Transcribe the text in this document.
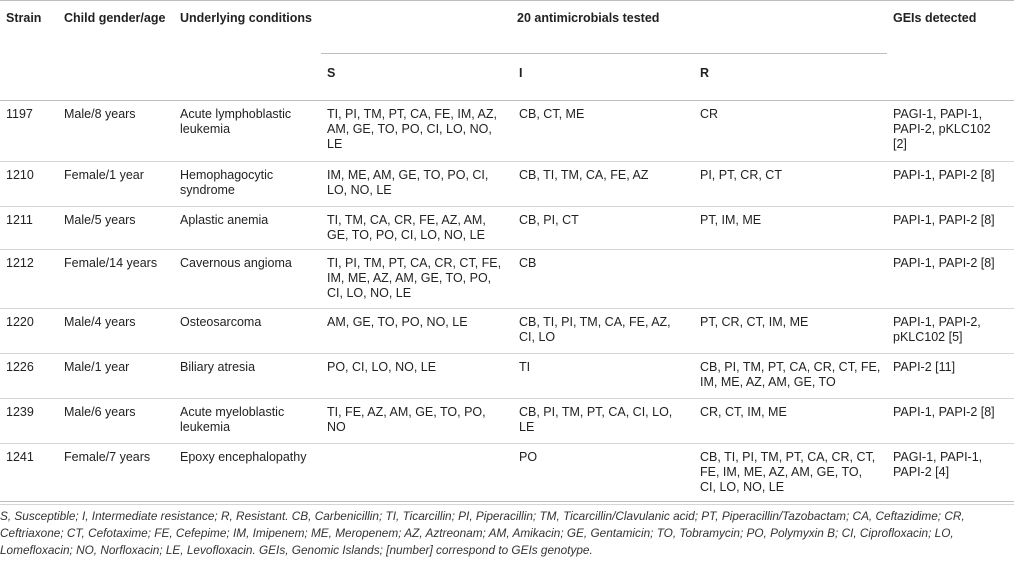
Strain	Child gender/age	Underlying conditions	20 antimicrobials tested			GEIs detected
			S	I	R	
1197	Male/8 years	Acute lymphoblastic leukemia	TI, PI, TM, PT, CA, FE, IM, AZ, AM, GE, TO, PO, CI, LO, NO, LE	CB, CT, ME	CR	PAGI-1, PAPI-1, PAPI-2, pKLC102 [2]
1210	Female/1 year	Hemophagocytic syndrome	IM, ME, AM, GE, TO, PO, CI, LO, NO, LE	CB, TI, TM, CA, FE, AZ	PI, PT, CR, CT	PAPI-1, PAPI-2 [8]
1211	Male/5 years	Aplastic anemia	TI, TM, CA, CR, FE, AZ, AM, GE, TO, PO, CI, LO, NO, LE	CB, PI, CT	PT, IM, ME	PAPI-1, PAPI-2 [8]
1212	Female/14 years	Cavernous angioma	TI, PI, TM, PT, CA, CR, CT, FE, IM, ME, AZ, AM, GE, TO, PO, CI, LO, NO, LE	CB		PAPI-1, PAPI-2 [8]
1220	Male/4 years	Osteosarcoma	AM, GE, TO, PO, NO, LE	CB, TI, PI, TM, CA, FE, AZ, CI, LO	PT, CR, CT, IM, ME	PAPI-1, PAPI-2, pKLC102 [5]
1226	Male/1 year	Biliary atresia	PO, CI, LO, NO, LE	TI	CB, PI, TM, PT, CA, CR, CT, FE, IM, ME, AZ, AM, GE, TO	PAPI-2 [11]
1239	Male/6 years	Acute myeloblastic leukemia	TI, FE, AZ, AM, GE, TO, PO, NO	CB, PI, TM, PT, CA, CI, LO, LE	CR, CT, IM, ME	PAPI-1, PAPI-2 [8]
1241	Female/7 years	Epoxy encephalopathy		PO	CB, TI, PI, TM, PT, CA, CR, CT, FE, IM, ME, AZ, AM, GE, TO, CI, LO, NO, LE	PAGI-1, PAPI-1, PAPI-2 [4]
S, Susceptible; I, Intermediate resistance; R, Resistant. CB, Carbenicillin; TI, Ticarcillin; PI, Piperacillin; TM, Ticarcillin/Clavulanic acid; PT, Piperacillin/Tazobactam; CA, Ceftazidime; CR, Ceftriaxone; CT, Cefotaxime; FE, Cefepime; IM, Imipenem; ME, Meropenem; AZ, Aztreonam; AM, Amikacin; GE, Gentamicin; TO, Tobramycin; PO, Polymyxin B; CI, Ciprofloxacin; LO, Lomefloxacin; NO, Norfloxacin; LE, Levofloxacin. GEIs, Genomic Islands; [number] correspond to GEIs genotype.
